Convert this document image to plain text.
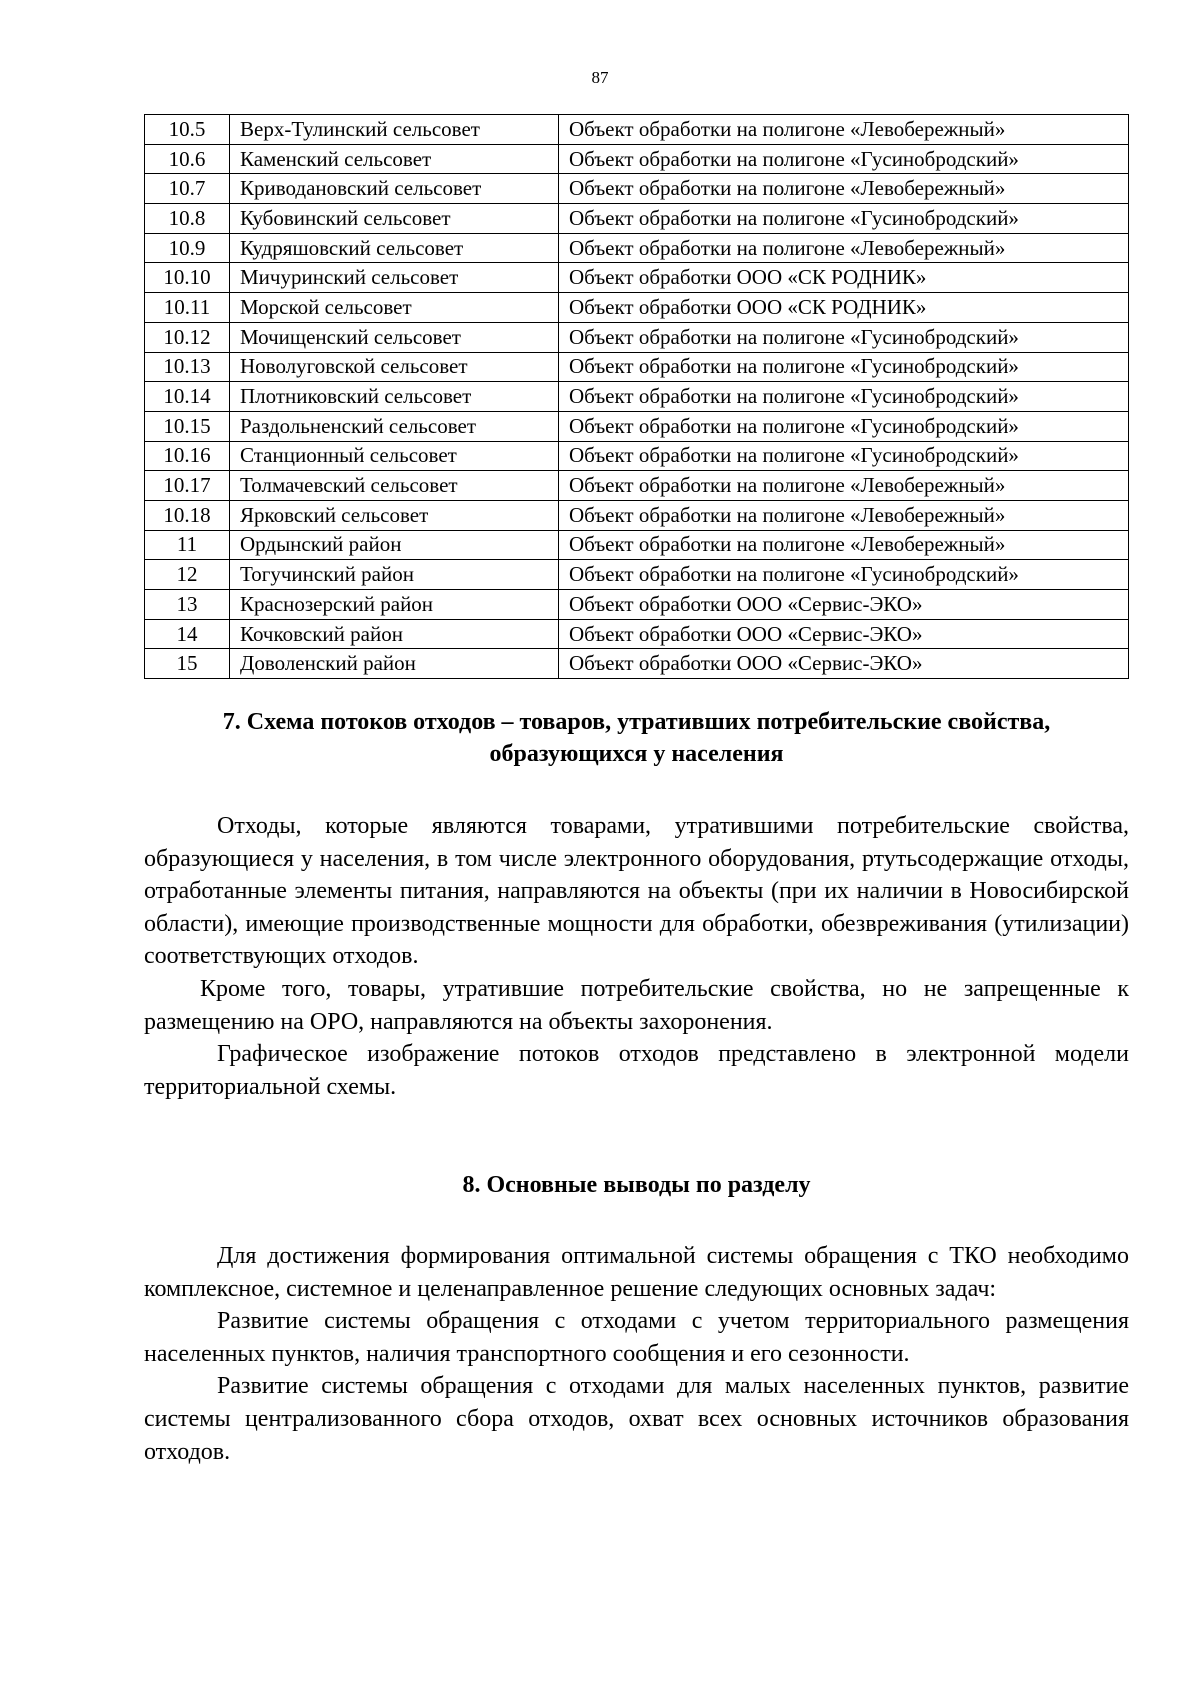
87
10.5	Верх-Тулинский сельсовет	Объект обработки на полигоне «Левобережный»
10.6	Каменский сельсовет	Объект обработки на полигоне «Гусинобродский»
10.7	Криводановский сельсовет	Объект обработки на полигоне «Левобережный»
10.8	Кубовинский сельсовет	Объект обработки на полигоне «Гусинобродский»
10.9	Кудряшовский сельсовет	Объект обработки на полигоне «Левобережный»
10.10	Мичуринский сельсовет	Объект обработки ООО «СК РОДНИК»
10.11	Морской сельсовет	Объект обработки ООО «СК РОДНИК»
10.12	Мочищенский сельсовет	Объект обработки на полигоне «Гусинобродский»
10.13	Новолуговской сельсовет	Объект обработки на полигоне «Гусинобродский»
10.14	Плотниковский сельсовет	Объект обработки на полигоне «Гусинобродский»
10.15	Раздольненский сельсовет	Объект обработки на полигоне «Гусинобродский»
10.16	Станционный сельсовет	Объект обработки на полигоне «Гусинобродский»
10.17	Толмачевский сельсовет	Объект обработки на полигоне «Левобережный»
10.18	Ярковский сельсовет	Объект обработки на полигоне «Левобережный»
11	Ордынский район	Объект обработки на полигоне «Левобережный»
12	Тогучинский район	Объект обработки на полигоне «Гусинобродский»
13	Краснозерский район	Объект обработки ООО «Сервис-ЭКО»
14	Кочковский район	Объект обработки ООО «Сервис-ЭКО»
15	Доволенский район	Объект обработки ООО «Сервис-ЭКО»
7. Схема потоков отходов – товаров, утративших потребительские свойства,
образующихся у населения

Отходы, которые являются товарами, утратившими потребительские свойства, образующиеся у населения, в том числе электронного оборудования, ртутьсодержащие отходы, отработанные элементы питания, направляются на объекты (при их наличии в Новосибирской области), имеющие производственные мощности для обработки, обезвреживания (утилизации) соответствующих отходов.

Кроме того, товары, утратившие потребительские свойства, но не запрещенные к размещению на ОРО, направляются на объекты захоронения.

Графическое изображение потоков отходов представлено в электронной модели территориальной схемы.

8. Основные выводы по разделу

Для достижения формирования оптимальной системы обращения с ТКО необходимо комплексное, системное и целенаправленное решение следующих основных задач:

Развитие системы обращения с отходами с учетом территориального размещения населенных пунктов, наличия транспортного сообщения и его сезонности.

Развитие системы обращения с отходами для малых населенных пунктов, развитие системы централизованного сбора отходов, охват всех основных источников образования отходов.
